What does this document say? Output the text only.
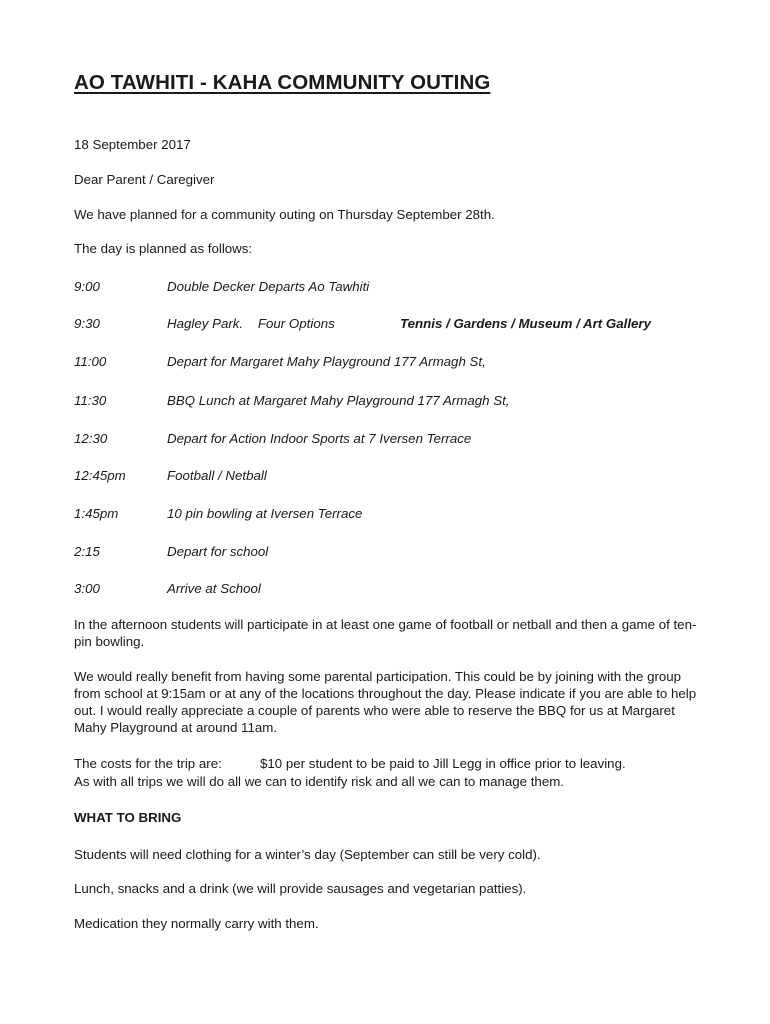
AO TAWHITI - KAHA COMMUNITY OUTING
18 September 2017
Dear Parent / Caregiver
We have planned for a community outing on Thursday September 28th.
The day is planned as follows:
9:00	Double Decker Departs Ao Tawhiti
9:30	Hagley Park.    Four Options	Tennis / Gardens / Museum / Art Gallery
11:00	Depart for Margaret Mahy Playground 177 Armagh St,
11:30	BBQ Lunch at Margaret Mahy Playground 177 Armagh St,
12:30	Depart for Action Indoor Sports at 7 Iversen Terrace
12:45pm	Football / Netball
1:45pm	10 pin bowling at Iversen Terrace
2:15	Depart for school
3:00	Arrive at School
In the afternoon students will participate in at least one game of football or netball and then a game of ten-pin bowling.
We would really benefit from having some parental participation. This could be by joining with the group from school at 9:15am or at any of the locations throughout the day. Please indicate if you are able to help out. I would really appreciate a couple of parents who were able to reserve the BBQ for us at Margaret Mahy Playground at around 11am.
The costs for the trip are:	$10 per student to be paid to Jill Legg in office prior to leaving.
As with all trips we will do all we can to identify risk and all we can to manage them.
WHAT TO BRING
Students will need clothing for a winter’s day (September can still be very cold).
Lunch, snacks and a drink (we will provide sausages and vegetarian patties).
Medication they normally carry with them.
